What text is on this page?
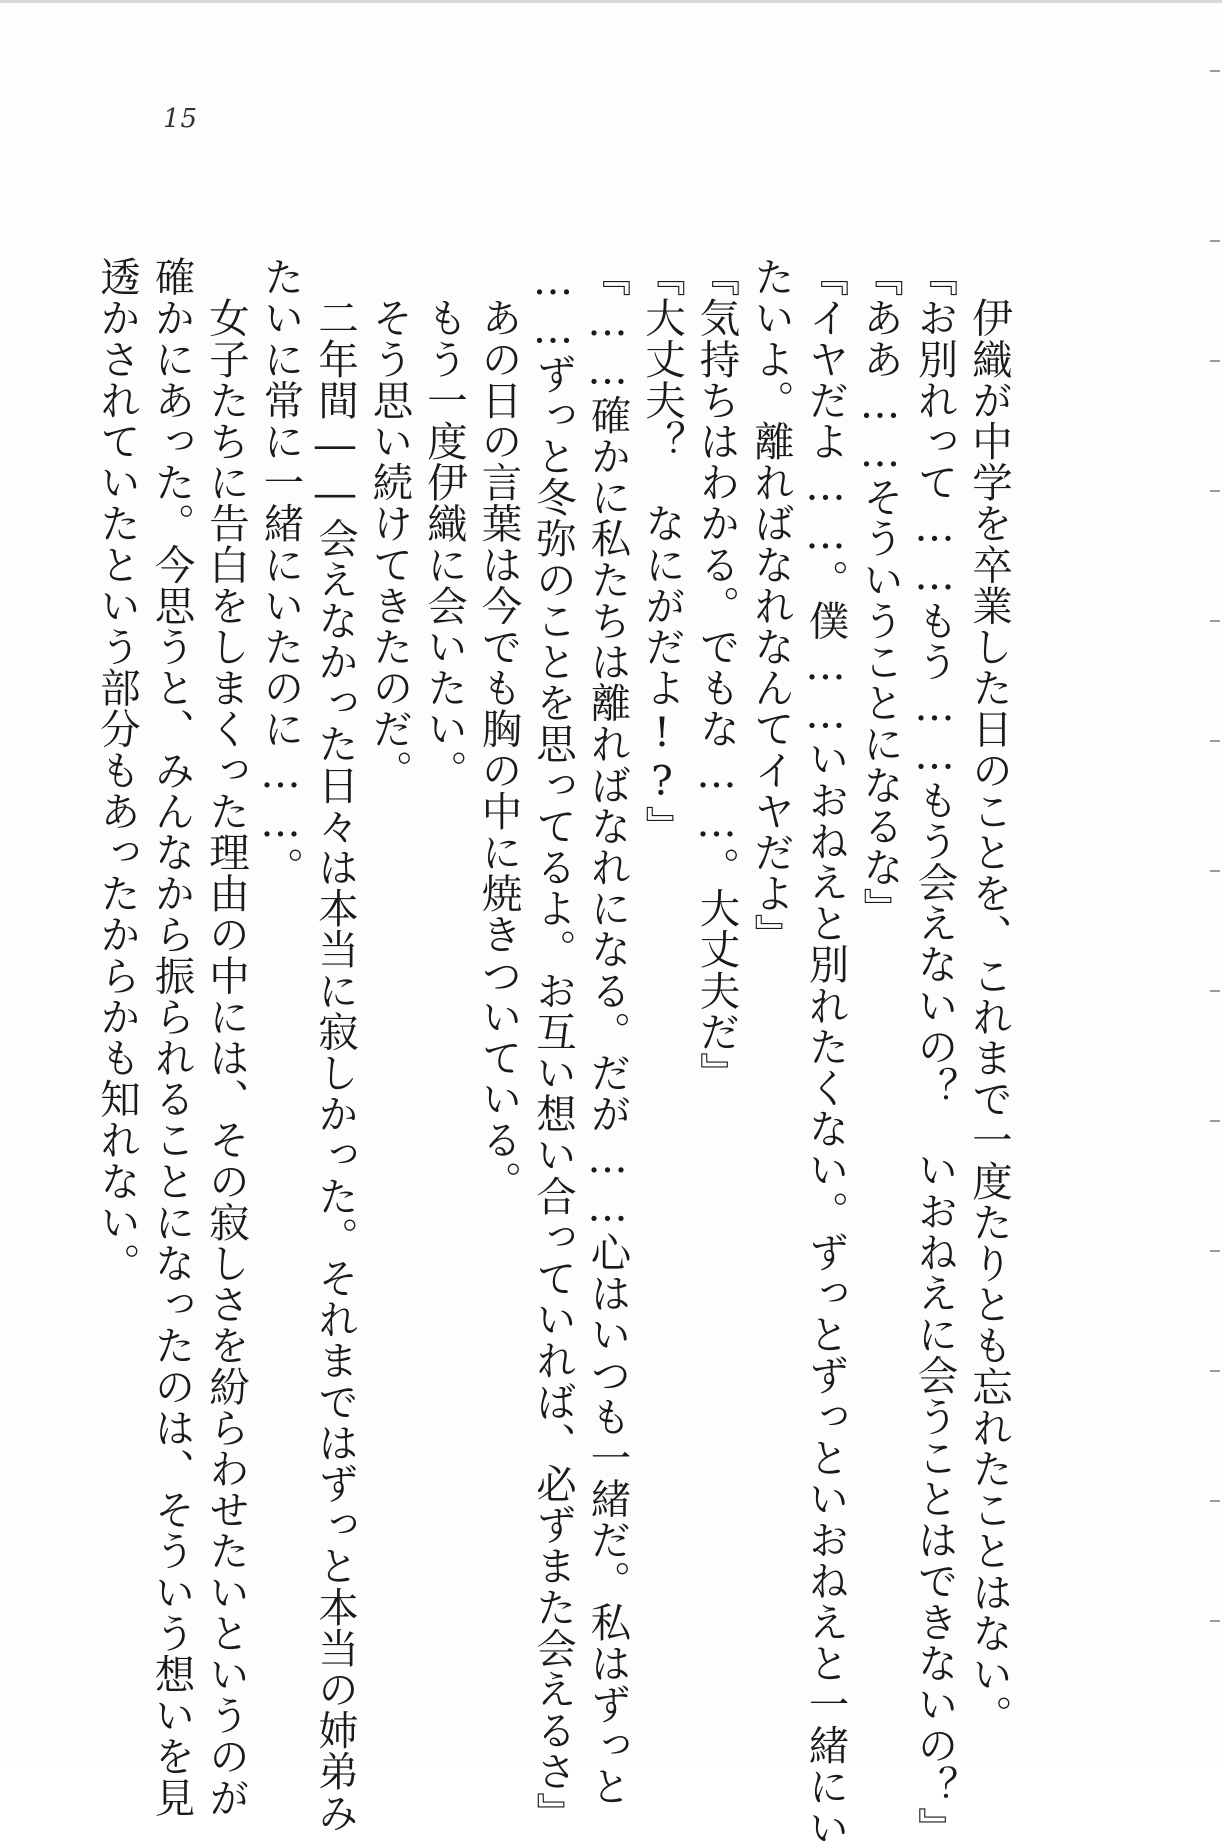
15
　伊織が中学を卒業した日のことを、これまで一度たりとも忘れたことはない。
『お別れって……もう……もう会えないの？　いおねえに会うことはできないの？』
『ああ……そういうことになるな』
『イヤだよ……。僕……いおねえと別れたくない。ずっとずっといおねえと一緒にい
たいよ。離ればなれなんてイヤだよ』
『気持ちはわかる。でもな……。大丈夫だ』
『大丈夫？　なにがだよ!?』
『……確かに私たちは離ればなれになる。だが……心はいつも一緒だ。私はずっと
……ずっと冬弥のことを思ってるよ。お互い想い合っていれば、必ずまた会えるさ』
　あの日の言葉は今でも胸の中に焼きついている。
　もう一度伊織に会いたい。
　そう思い続けてきたのだ。
　二年間――会えなかった日々は本当に寂しかった。それまではずっと本当の姉弟み
たいに常に一緒にいたのに……。
　女子たちに告白をしまくった理由の中には、その寂しさを紛らわせたいというのが
確かにあった。今思うと、みんなから振られることになったのは、そういう想いを見
透かされていたという部分もあったからかも知れない。
